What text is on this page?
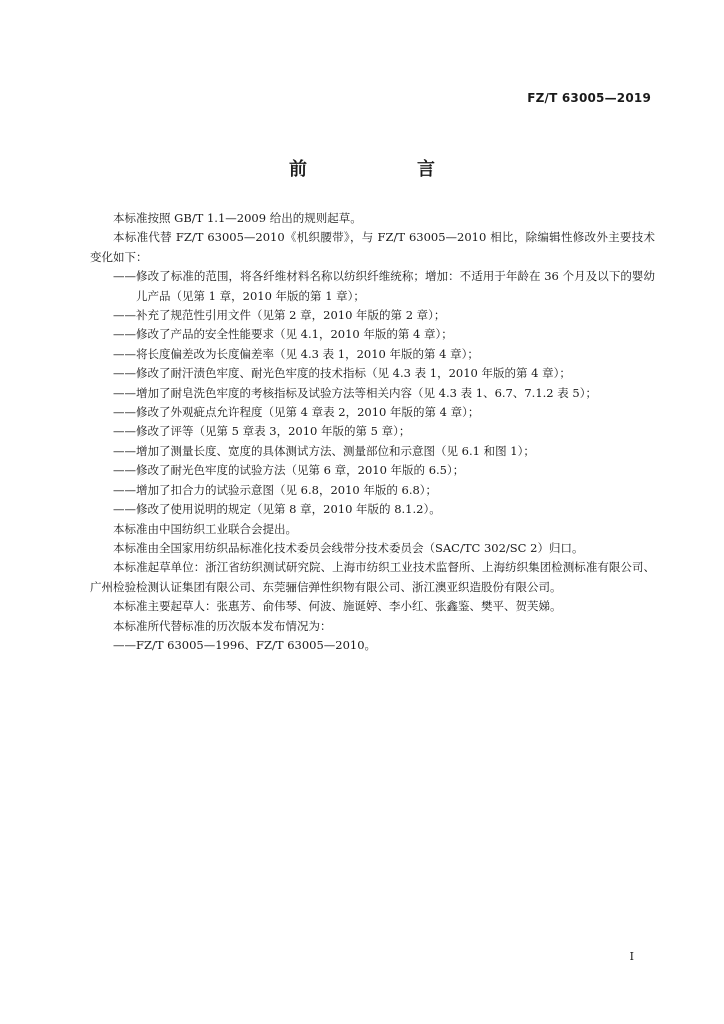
FZ/T 63005—2019
前　言

本标准按照 GB/T 1.1—2009 给出的规则起草。

本标准代替 FZ/T 63005—2010《机织腰带》，与 FZ/T 63005—2010 相比，除编辑性修改外主要技术变化如下：

——修改了标准的范围，将各纤维材料名称以纺织纤维统称；增加：不适用于年龄在 36 个月及以下的婴幼儿产品（见第 1 章，2010 年版的第 1 章）；

——补充了规范性引用文件（见第 2 章，2010 年版的第 2 章）；

——修改了产品的安全性能要求（见 4.1，2010 年版的第 4 章）；

——将长度偏差改为长度偏差率（见 4.3 表 1，2010 年版的第 4 章）；

——修改了耐汗渍色牢度、耐光色牢度的技术指标（见 4.3 表 1，2010 年版的第 4 章）；

——增加了耐皂洗色牢度的考核指标及试验方法等相关内容（见 4.3 表 1、6.7、7.1.2 表 5）；

——修改了外观疵点允许程度（见第 4 章表 2，2010 年版的第 4 章）；

——修改了评等（见第 5 章表 3，2010 年版的第 5 章）；

——增加了测量长度、宽度的具体测试方法、测量部位和示意图（见 6.1 和图 1）；

——修改了耐光色牢度的试验方法（见第 6 章，2010 年版的 6.5）；

——增加了扣合力的试验示意图（见 6.8，2010 年版的 6.8）；

——修改了使用说明的规定（见第 8 章，2010 年版的 8.1.2）。

本标准由中国纺织工业联合会提出。

本标准由全国家用纺织品标准化技术委员会线带分技术委员会（SAC/TC 302/SC 2）归口。

本标准起草单位：浙江省纺织测试研究院、上海市纺织工业技术监督所、上海纺织集团检测标准有限公司、广州检验检测认证集团有限公司、东莞骊信弹性织物有限公司、浙江澳亚织造股份有限公司。

本标准主要起草人：张惠芳、俞伟琴、何波、施诞婷、李小红、张鑫鉴、樊平、贺芙娣。

本标准所代替标准的历次版本发布情况为：

——FZ/T 63005—1996、FZ/T 63005—2010。

I
